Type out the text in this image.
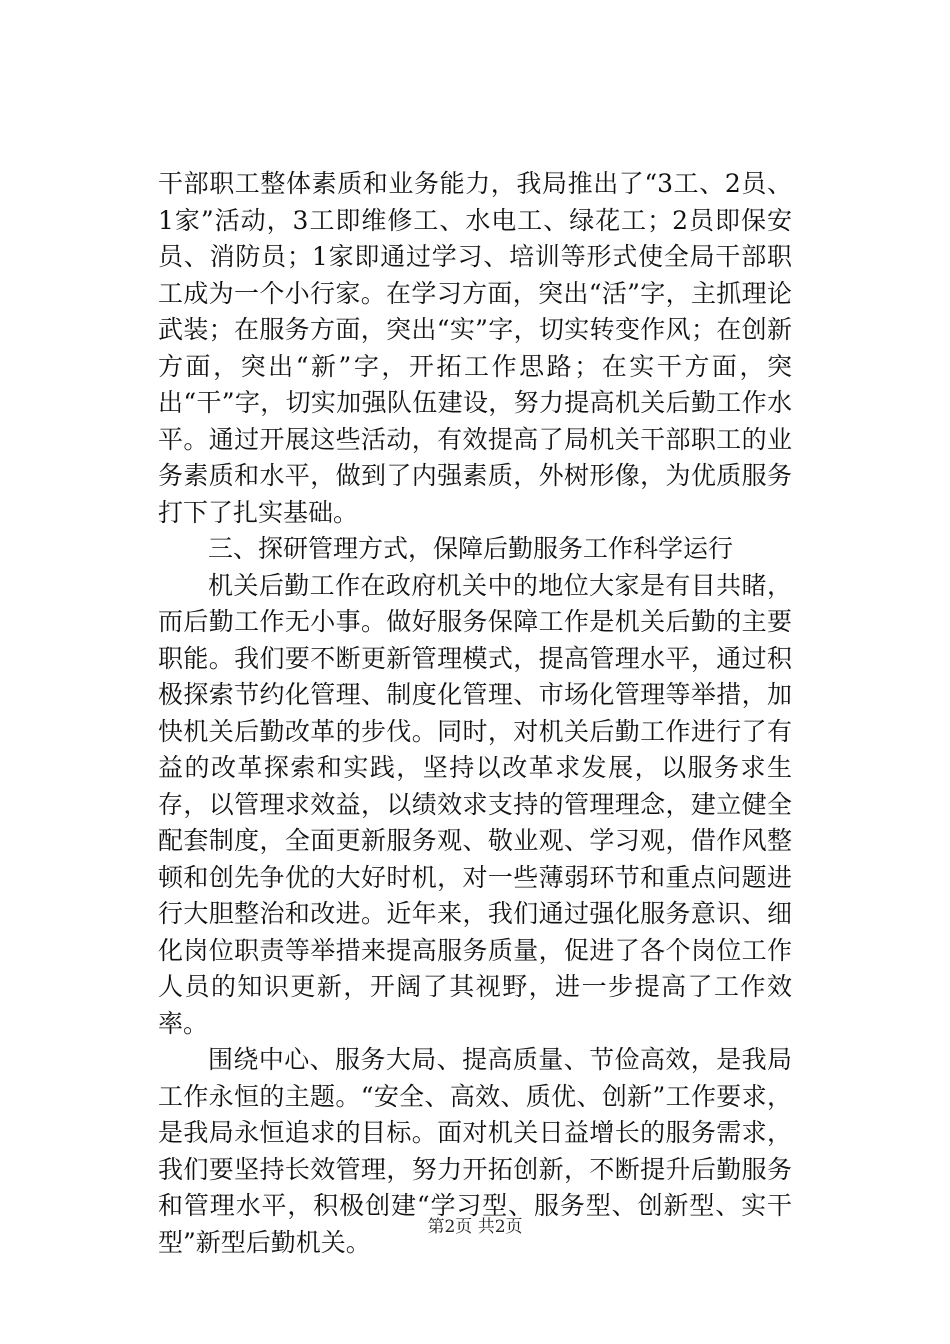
干部职工整体素质和业务能力，我局推出了“3工、2员、1家”活动，3工即维修工、水电工、绿花工；2员即保安员、消防员；1家即通过学习、培训等形式使全局干部职工成为一个小行家。在学习方面，突出“活”字，主抓理论武装；在服务方面，突出“实”字，切实转变作风；在创新方面，突出“新”字，开拓工作思路；在实干方面，突出“干”字，切实加强队伍建设，努力提高机关后勤工作水平。通过开展这些活动，有效提高了局机关干部职工的业务素质和水平，做到了内强素质，外树形像，为优质服务打下了扎实基础。

三、探研管理方式，保障后勤服务工作科学运行

机关后勤工作在政府机关中的地位大家是有目共睹，而后勤工作无小事。做好服务保障工作是机关后勤的主要职能。我们要不断更新管理模式，提高管理水平，通过积极探索节约化管理、制度化管理、市场化管理等举措，加快机关后勤改革的步伐。同时，对机关后勤工作进行了有益的改革探索和实践，坚持以改革求发展，以服务求生存，以管理求效益，以绩效求支持的管理理念，建立健全配套制度，全面更新服务观、敬业观、学习观，借作风整顿和创先争优的大好时机，对一些薄弱环节和重点问题进行大胆整治和改进。近年来，我们通过强化服务意识、细化岗位职责等举措来提高服务质量，促进了各个岗位工作人员的知识更新，开阔了其视野，进一步提高了工作效率。

围绕中心、服务大局、提高质量、节俭高效，是我局工作永恒的主题。“安全、高效、质优、创新”工作要求，是我局永恒追求的目标。面对机关日益增长的服务需求，我们要坚持长效管理，努力开拓创新，不断提升后勤服务和管理水平，积极创建“学习型、服务型、创新型、实干型”新型后勤机关。

第2页 共2页
